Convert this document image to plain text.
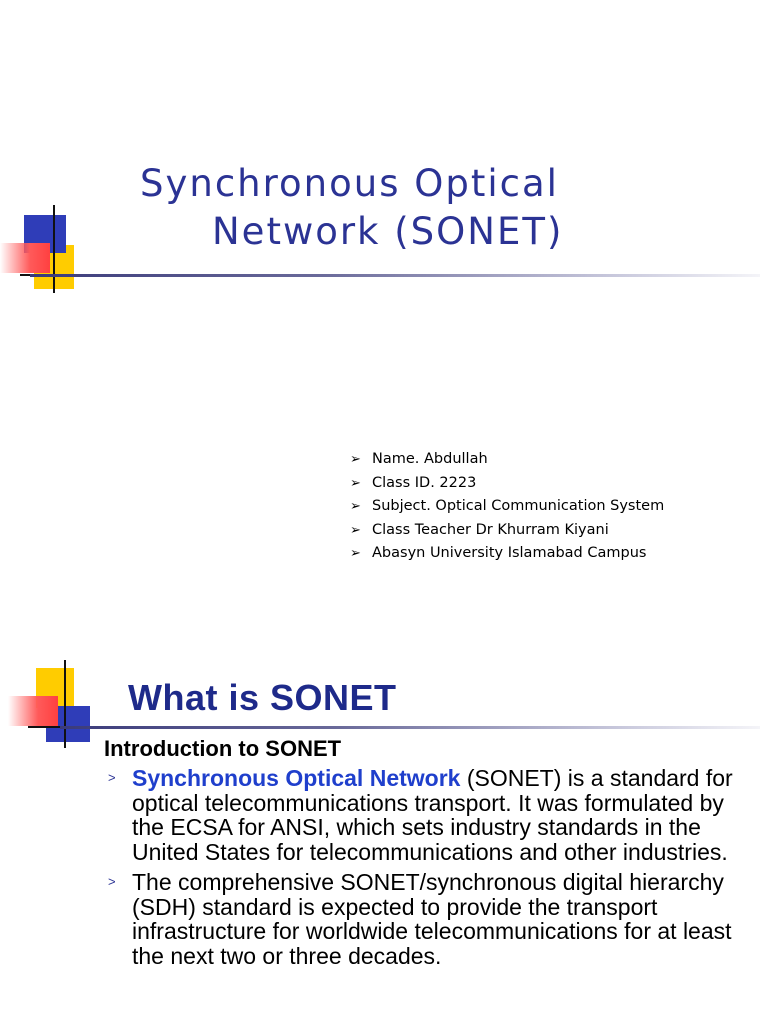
Synchronous Optical
Network (SONET)
➢ Name. Abdullah
➢ Class ID. 2223
➢ Subject. Optical Communication System
➢ Class Teacher Dr Khurram Kiyani
➢ Abasyn University Islamabad Campus
What is SONET
Introduction to SONET
> Synchronous Optical Network (SONET) is a standard for optical telecommunications transport. It was formulated by the ECSA for ANSI, which sets industry standards in the United States for telecommunications and other industries.
> The comprehensive SONET/synchronous digital hierarchy (SDH) standard is expected to provide the transport infrastructure for worldwide telecommunications for at least the next two or three decades.
